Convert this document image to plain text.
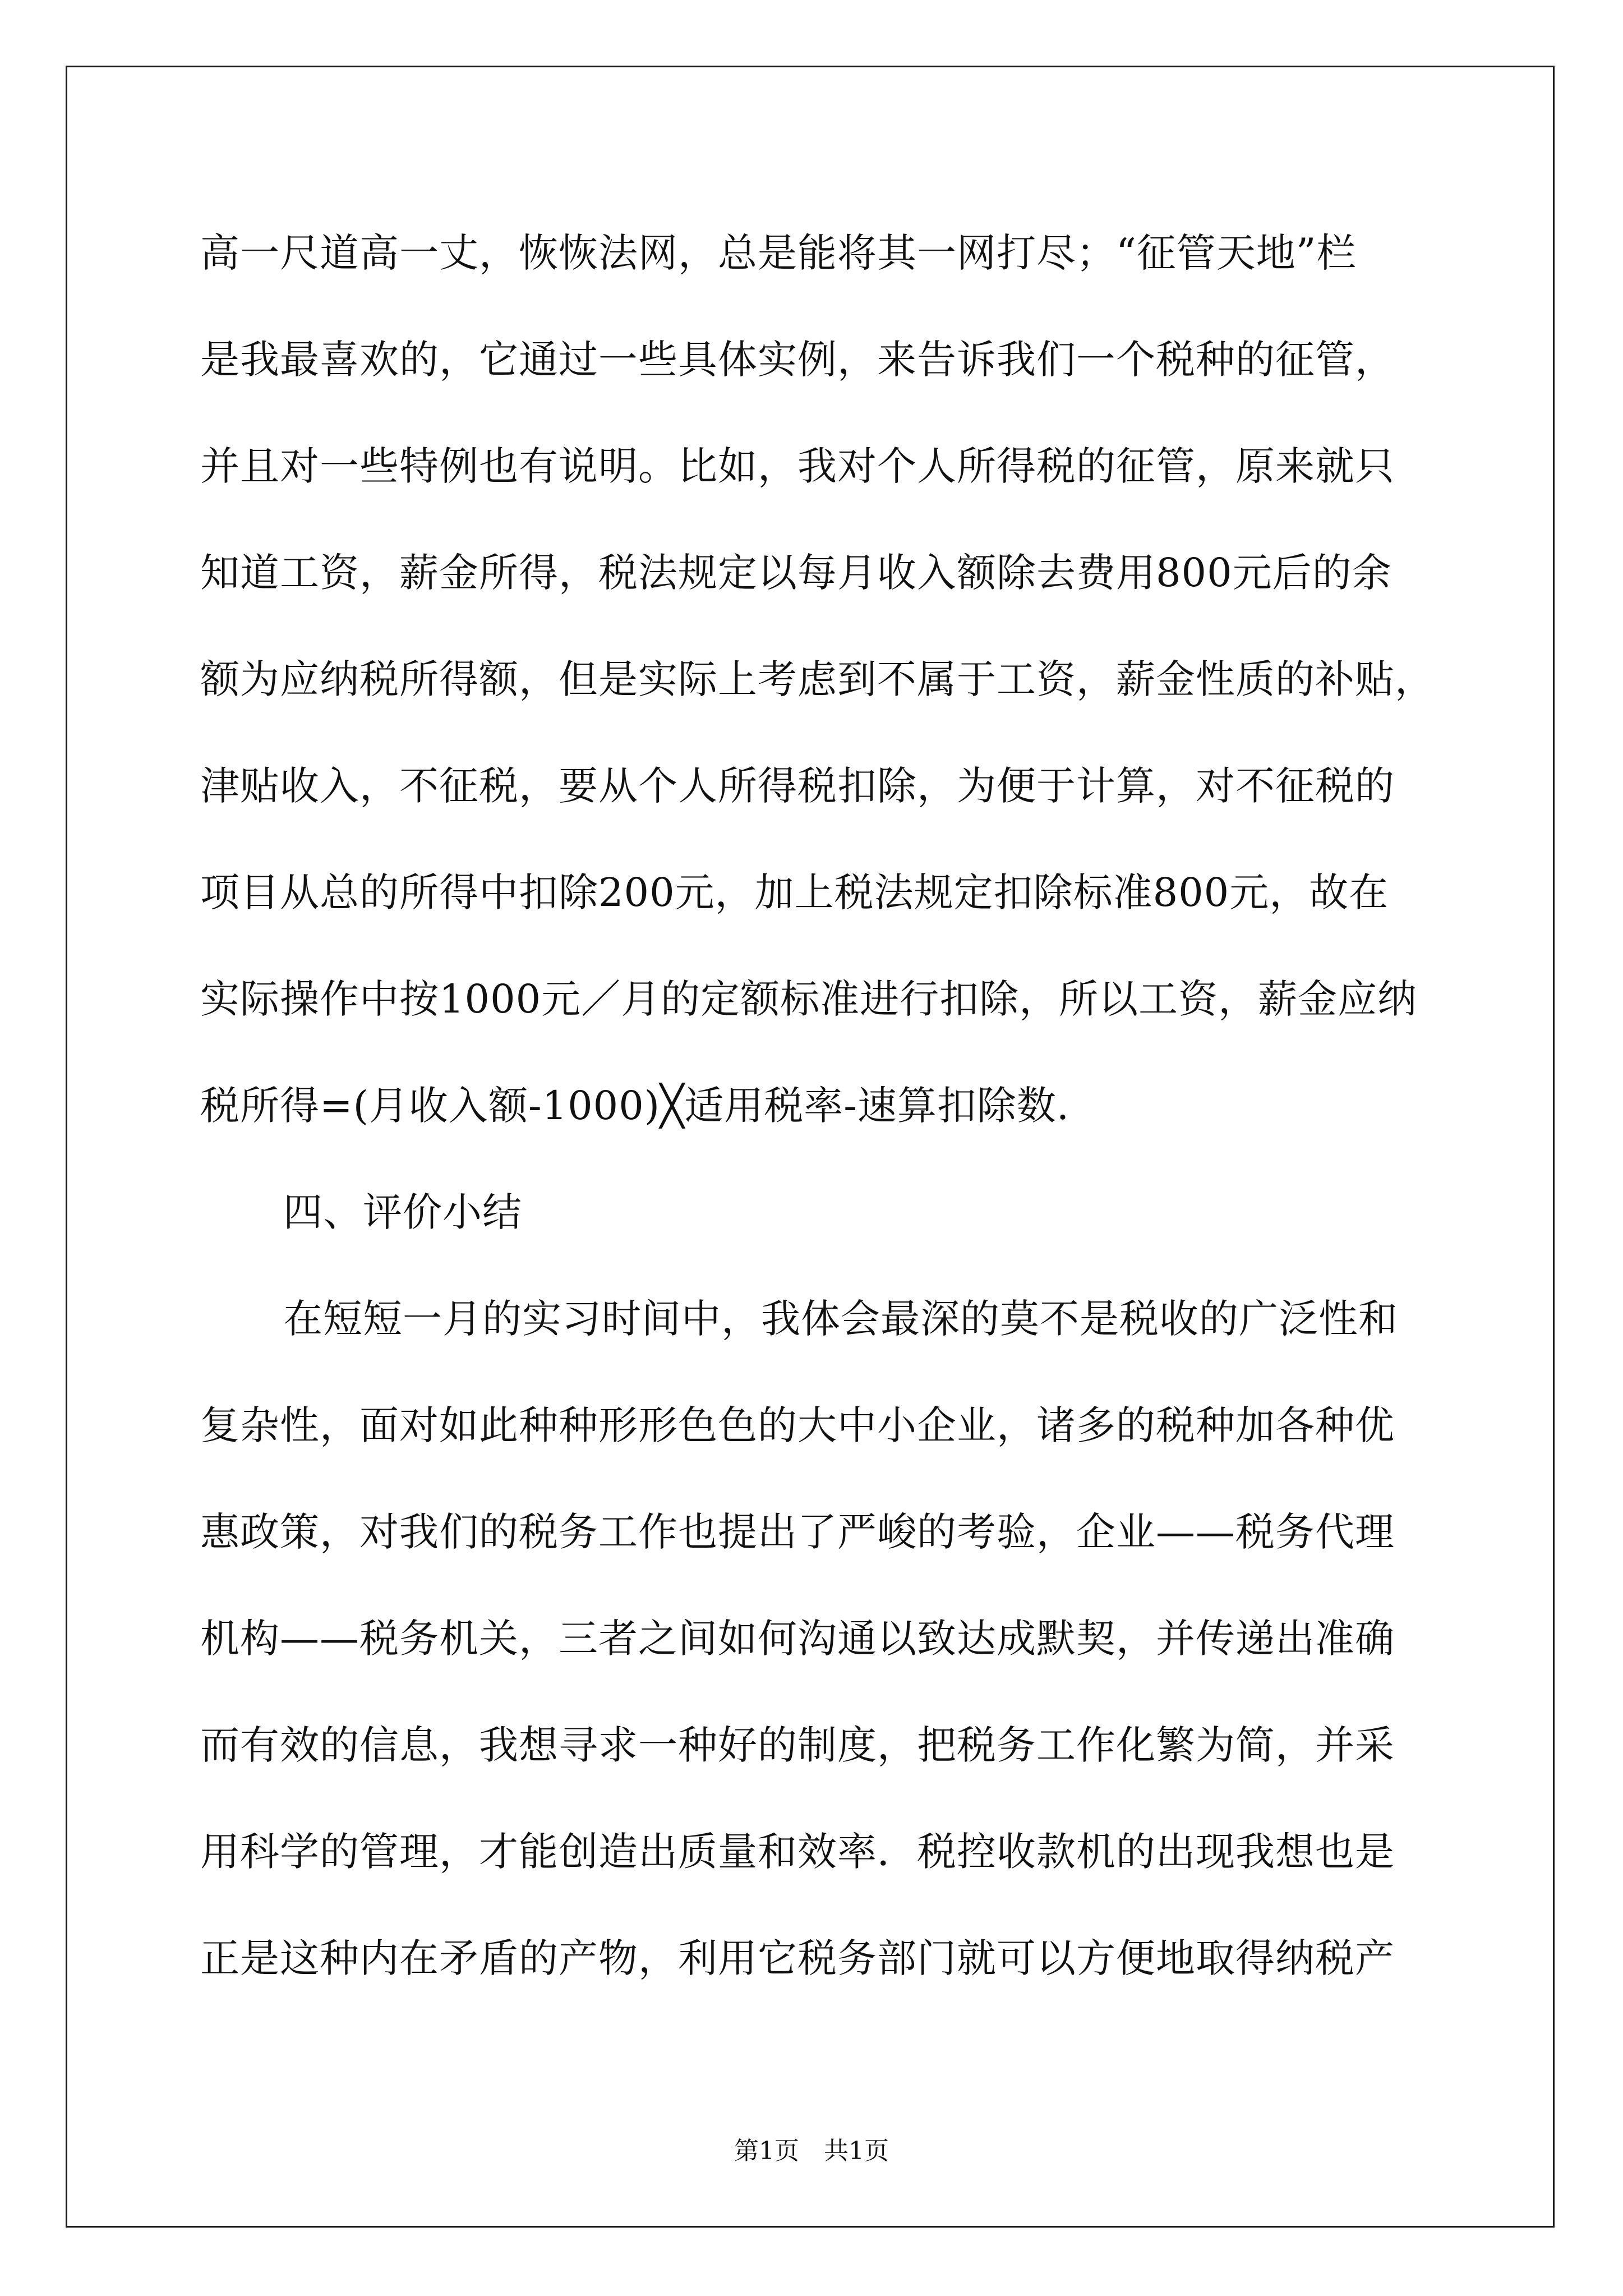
高一尺道高一丈，恢恢法网，总是能将其一网打尽；“征管天地”栏
是我最喜欢的，它通过一些具体实例，来告诉我们一个税种的征管，
并且对一些特例也有说明。比如，我对个人所得税的征管，原来就只
知道工资，薪金所得，税法规定以每月收入额除去费用800元后的余
额为应纳税所得额，但是实际上考虑到不属于工资，薪金性质的补贴，
津贴收入，不征税，要从个人所得税扣除，为便于计算，对不征税的
项目从总的所得中扣除200元，加上税法规定扣除标准800元，故在
实际操作中按1000元／月的定额标准进行扣除，所以工资，薪金应纳
税所得=(月收入额-1000)╳适用税率-速算扣除数.
四、评价小结
在短短一月的实习时间中，我体会最深的莫不是税收的广泛性和
复杂性，面对如此种种形形色色的大中小企业，诸多的税种加各种优
惠政策，对我们的税务工作也提出了严峻的考验，企业——税务代理
机构——税务机关，三者之间如何沟通以致达成默契，并传递出准确
而有效的信息，我想寻求一种好的制度，把税务工作化繁为简，并采
用科学的管理，才能创造出质量和效率．税控收款机的出现我想也是
正是这种内在矛盾的产物，利用它税务部门就可以方便地取得纳税产
第1页　共1页
